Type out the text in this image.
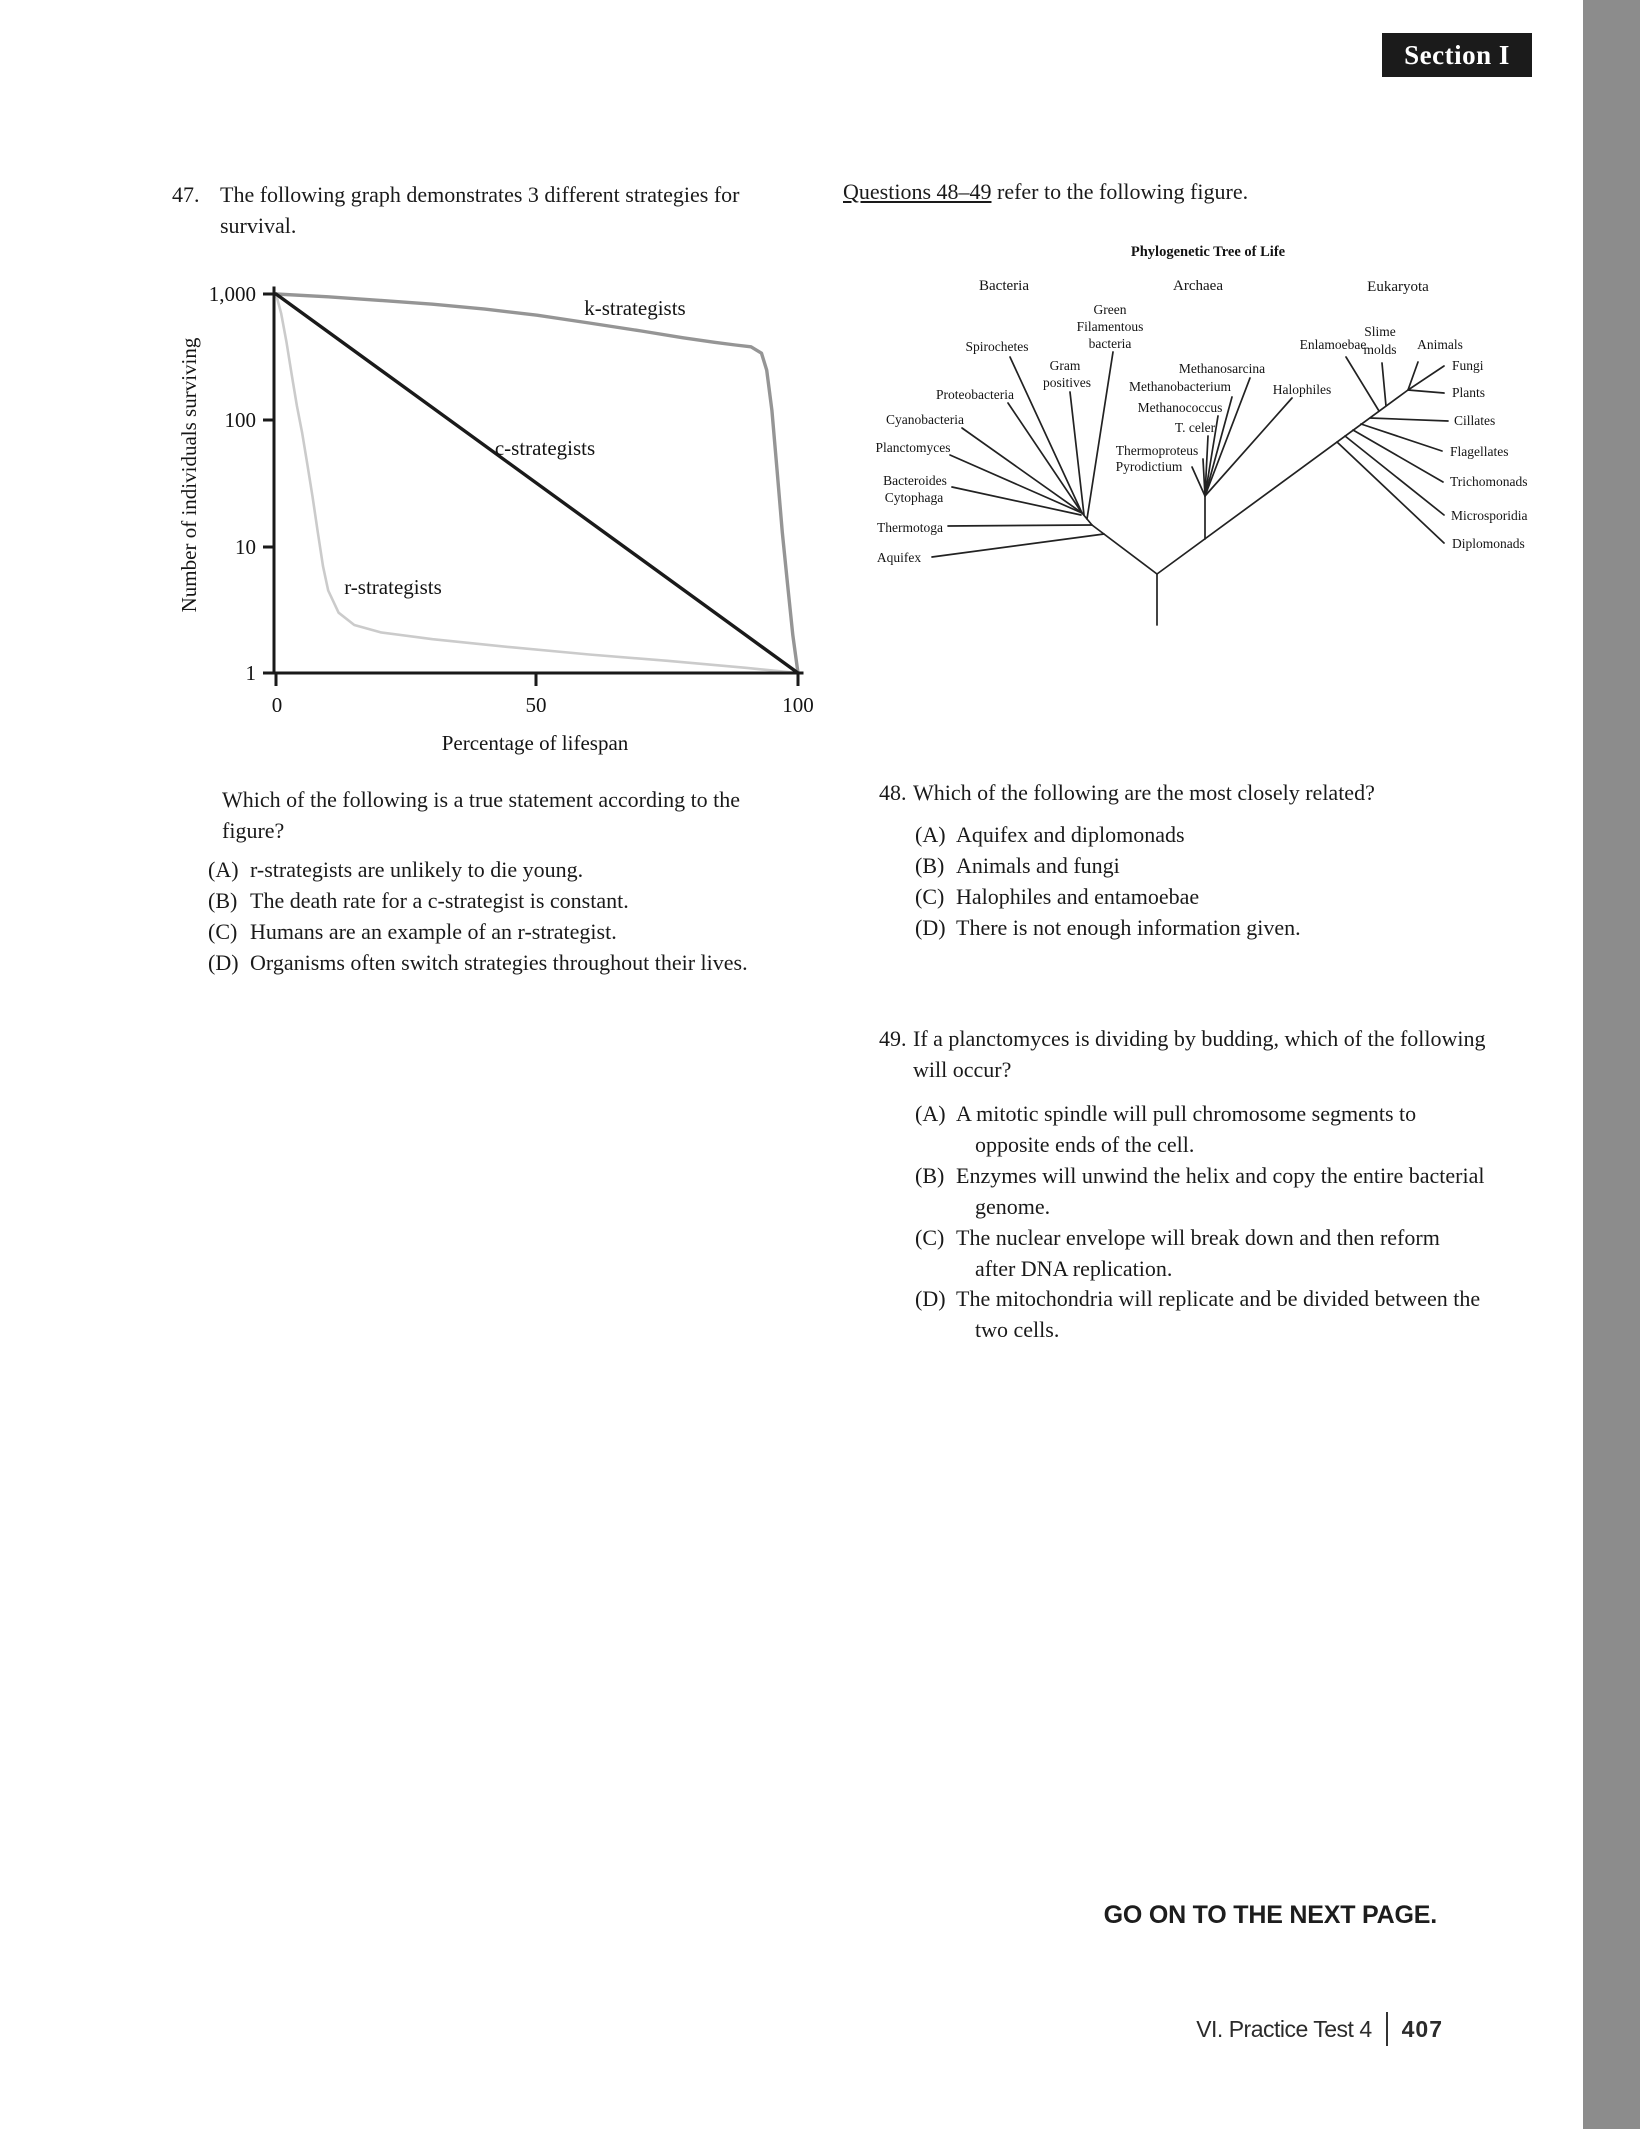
Section I
47. The following graph demonstrates 3 different strategies for survival.
1,000
100
10
1
0	50	100
Percentage of lifespan
Number of individuals surviving
k-strategists
c-strategists
r-strategists
Which of the following is a true statement according to the figure?
(A) r-strategists are unlikely to die young.
(B) The death rate for a c-strategist is constant.
(C) Humans are an example of an r-strategist.
(D) Organisms often switch strategies throughout their lives.
Questions 48–49 refer to the following figure.
Phylogenetic Tree of Life
Bacteria	Archaea	Eukaryota
Spirochetes
Green
Filamentous
bacteria
Gram
positives
Proteobacteria
Cyanobacteria
Planctomyces
Bacteroides
Cytophaga
Thermotoga
Aquifex
Methanosarcina
Methanobacterium
Methanococcus
T. celer
Thermoproteus
Pyrodictium
Halophiles
Enlamoebae
Slime
molds Animals
Fungi
Plants
Cillates
Flagellates
Trichomonads
Microsporidia
Diplomonads
48. Which of the following are the most closely related?
(A) Aquifex and diplomonads
(B) Animals and fungi
(C) Halophiles and entamoebae
(D) There is not enough information given.
49. If a planctomyces is dividing by budding, which of the following will occur?
(A) A mitotic spindle will pull chromosome segments to opposite ends of the cell.
(B) Enzymes will unwind the helix and copy the entire bacterial genome.
(C) The nuclear envelope will break down and then reform after DNA replication.
(D) The mitochondria will replicate and be divided between the two cells.
GO ON TO THE NEXT PAGE.
VI. Practice Test 4 407
